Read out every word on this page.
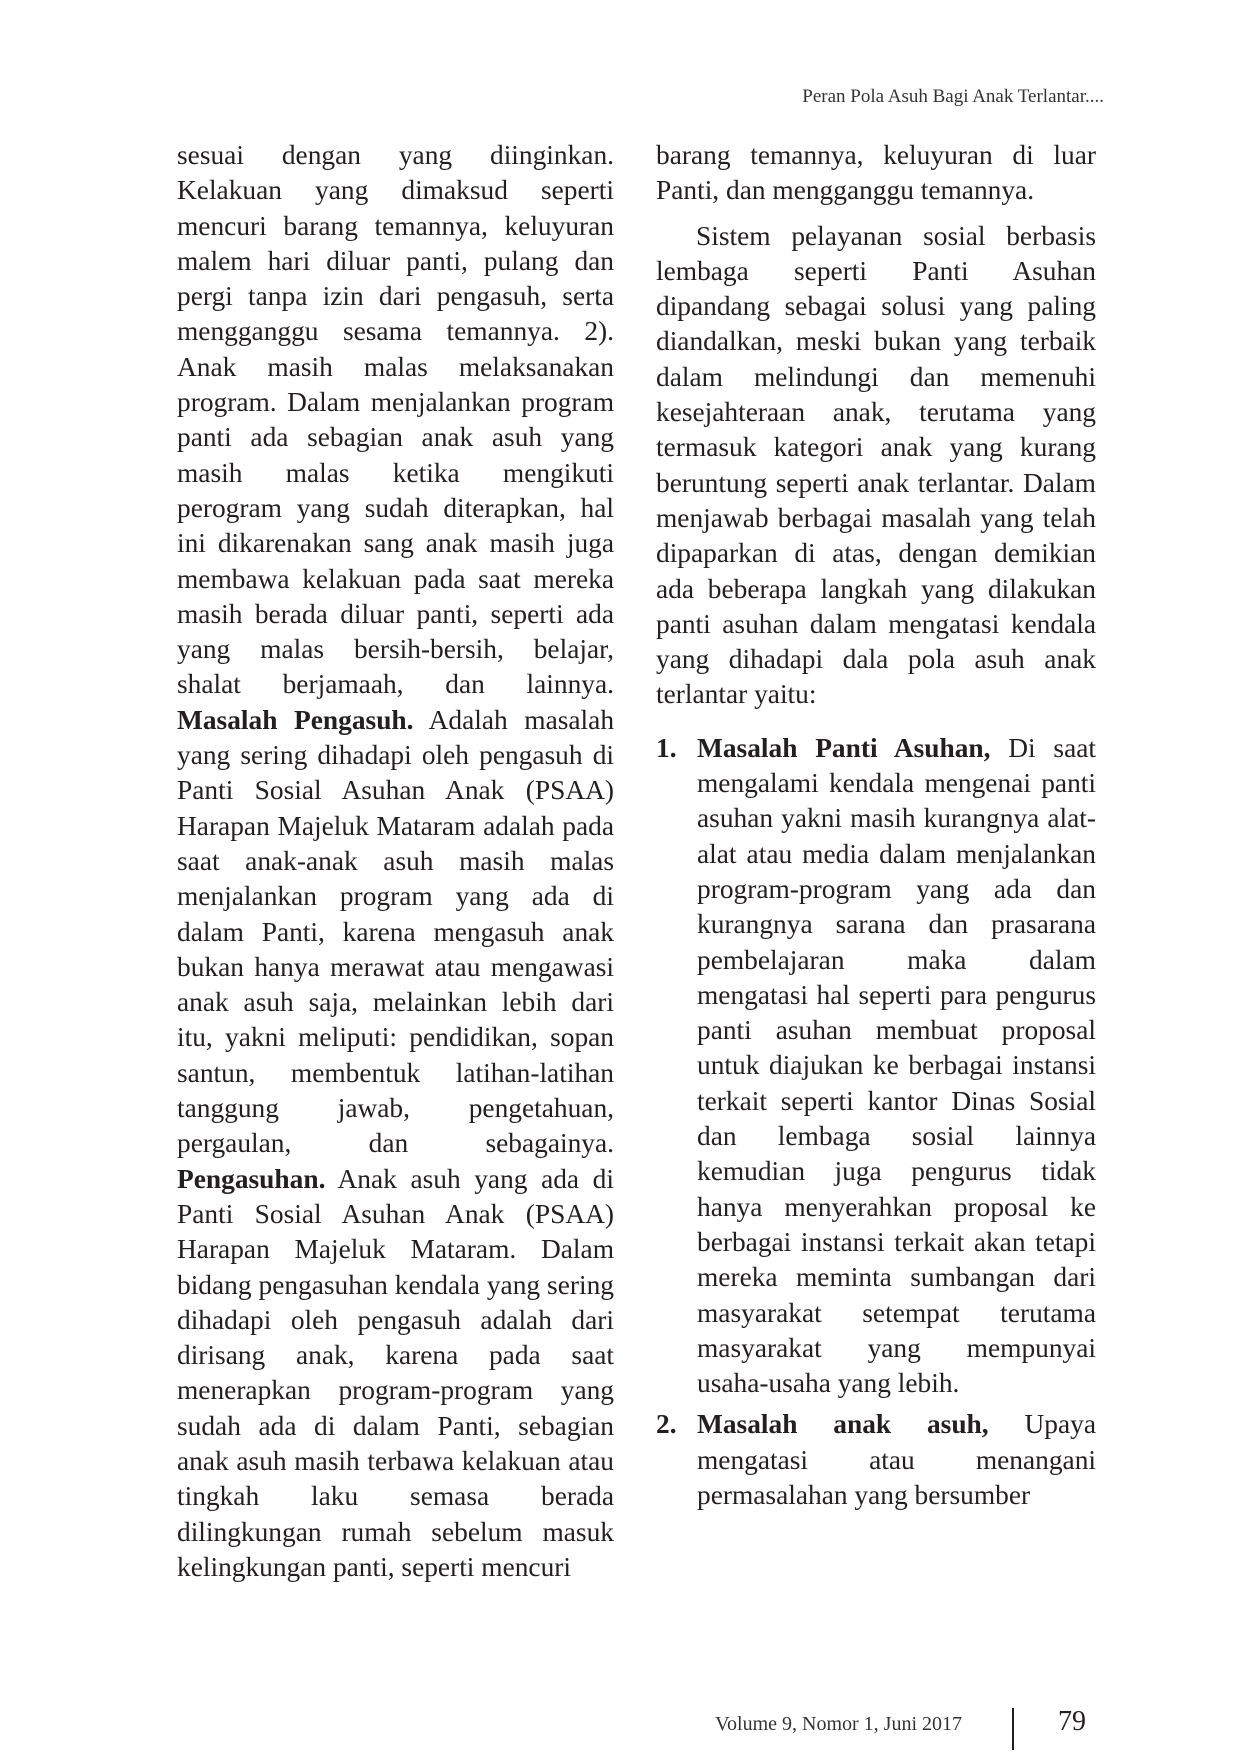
Peran Pola Asuh Bagi Anak Terlantar....

sesuai dengan yang diinginkan. Kelakuan yang dimaksud seperti mencuri barang temannya, keluyuran malem hari diluar panti, pulang dan pergi tanpa izin dari pengasuh, serta mengganggu sesama temannya. 2). Anak masih malas melaksanakan program. Dalam menjalankan program panti ada sebagian anak asuh yang masih malas ketika mengikuti perogram yang sudah diterapkan, hal ini dikarenakan sang anak masih juga membawa kelakuan pada saat mereka masih berada diluar panti, seperti ada yang malas bersih-bersih, belajar, shalat berjamaah, dan lainnya. Masalah Pengasuh. Adalah masalah yang sering dihadapi oleh pengasuh di Panti Sosial Asuhan Anak (PSAA) Harapan Majeluk Mataram adalah pada saat anak-anak asuh masih malas menjalankan program yang ada di dalam Panti, karena mengasuh anak bukan hanya merawat atau mengawasi anak asuh saja, melainkan lebih dari itu, yakni meliputi: pendidikan, sopan santun, membentuk latihan-latihan tanggung jawab, pengetahuan, pergaulan, dan sebagainya. Pengasuhan. Anak asuh yang ada di Panti Sosial Asuhan Anak (PSAA) Harapan Majeluk Mataram. Dalam bidang pengasuhan kendala yang sering dihadapi oleh pengasuh adalah dari dirisang anak, karena pada saat menerapkan program-program yang sudah ada di dalam Panti, sebagian anak asuh masih terbawa kelakuan atau tingkah laku semasa berada dilingkungan rumah sebelum masuk kelingkungan panti, seperti mencuri

barang temannya, keluyuran di luar Panti, dan mengganggu temannya.

Sistem pelayanan sosial berbasis lembaga seperti Panti Asuhan dipandang sebagai solusi yang paling diandalkan, meski bukan yang terbaik dalam melindungi dan memenuhi kesejahteraan anak, terutama yang termasuk kategori anak yang kurang beruntung seperti anak terlantar. Dalam menjawab berbagai masalah yang telah dipaparkan di atas, dengan demikian ada beberapa langkah yang dilakukan panti asuhan dalam mengatasi kendala yang dihadapi dala pola asuh anak terlantar yaitu:

1. Masalah Panti Asuhan, Di saat mengalami kendala mengenai panti asuhan yakni masih kurangnya alat-alat atau media dalam menjalankan program-program yang ada dan kurangnya sarana dan prasarana pembelajaran maka dalam mengatasi hal seperti para pengurus panti asuhan membuat proposal untuk diajukan ke berbagai instansi terkait seperti kantor Dinas Sosial dan lembaga sosial lainnya kemudian juga pengurus tidak hanya menyerahkan proposal ke berbagai instansi terkait akan tetapi mereka meminta sumbangan dari masyarakat setempat terutama masyarakat yang mempunyai usaha-usaha yang lebih.
2. Masalah anak asuh, Upaya mengatasi atau menangani permasalahan yang bersumber
Volume 9, Nomor 1, Juni 2017	79
